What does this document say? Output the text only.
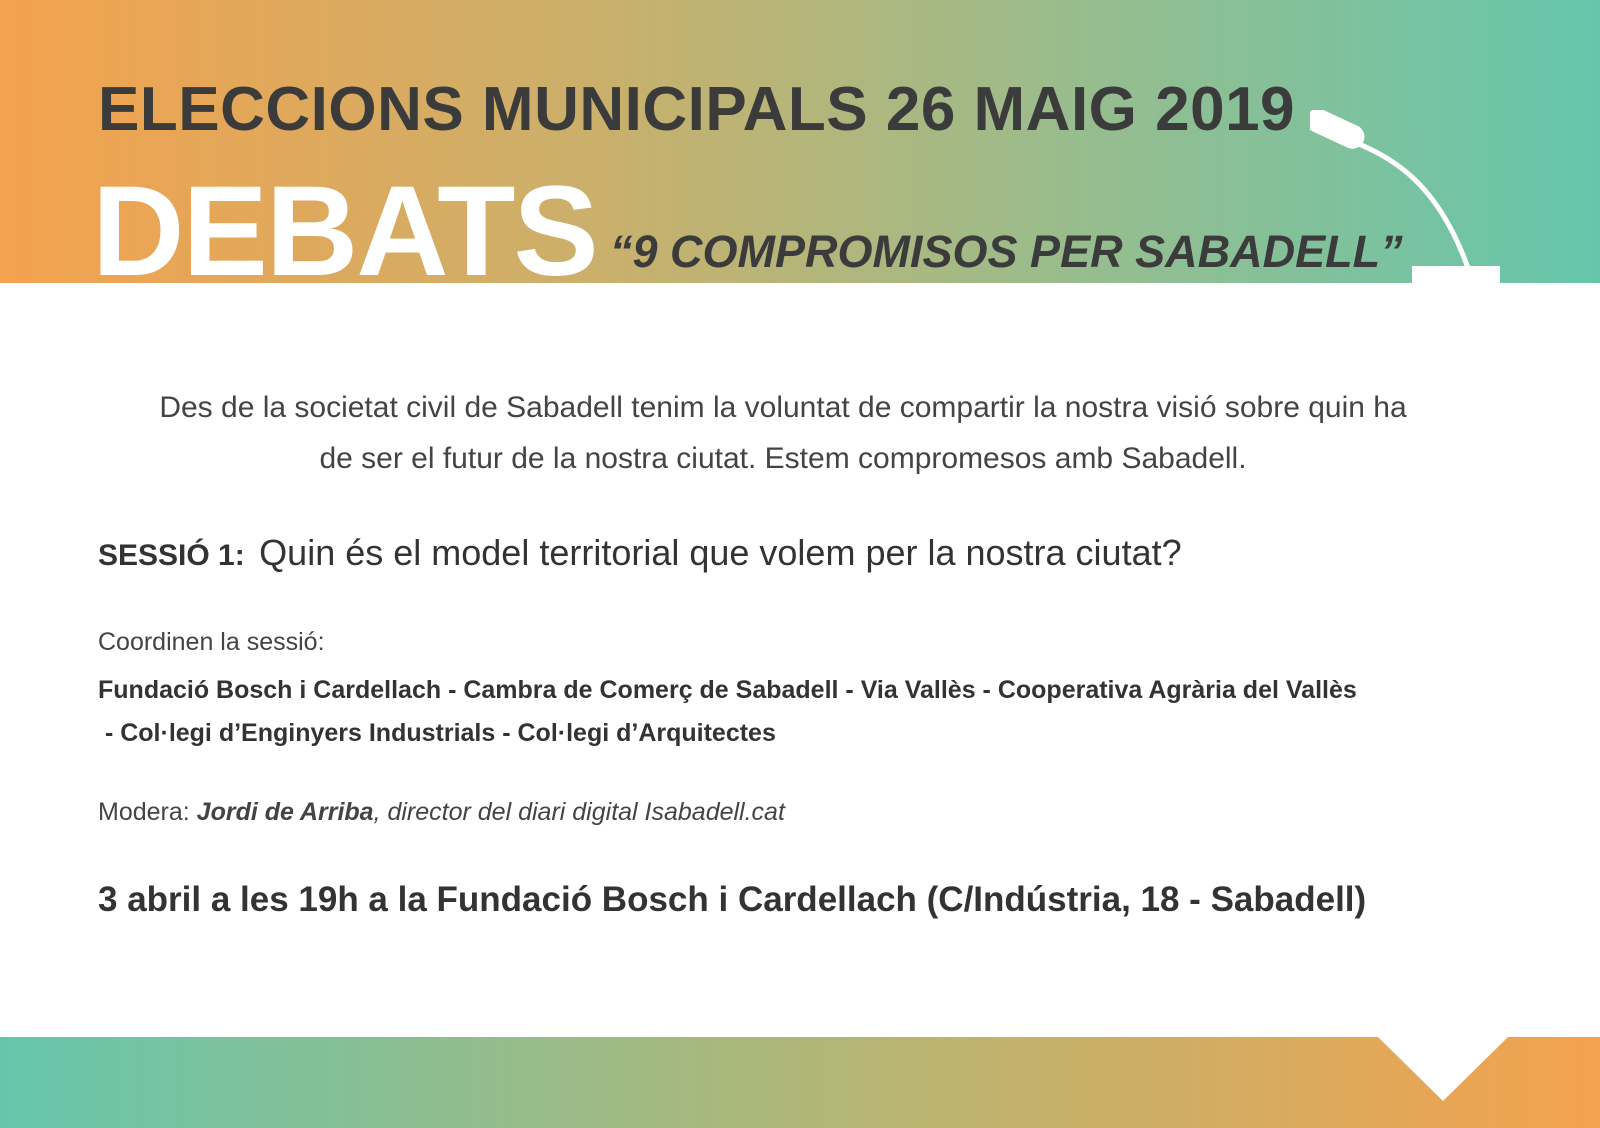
ELECCIONS MUNICIPALS 26 MAIG 2019
DEBATS “9 COMPROMISOS PER SABADELL”
Des de la societat civil de Sabadell tenim la voluntat de compartir la nostra visió sobre quin ha
de ser el futur de la nostra ciutat. Estem compromesos amb Sabadell.
SESSIÓ 1: Quin és el model territorial que volem per la nostra ciutat?
Coordinen la sessió:
Fundació Bosch i Cardellach - Cambra de Comerç de Sabadell - Via Vallès - Cooperativa Agrària del Vallès
- Col·legi d’Enginyers Industrials - Col·legi d’Arquitectes
Modera: Jordi de Arriba, director del diari digital Isabadell.cat
3 abril a les 19h a la Fundació Bosch i Cardellach (C/Indústria, 18 - Sabadell)
